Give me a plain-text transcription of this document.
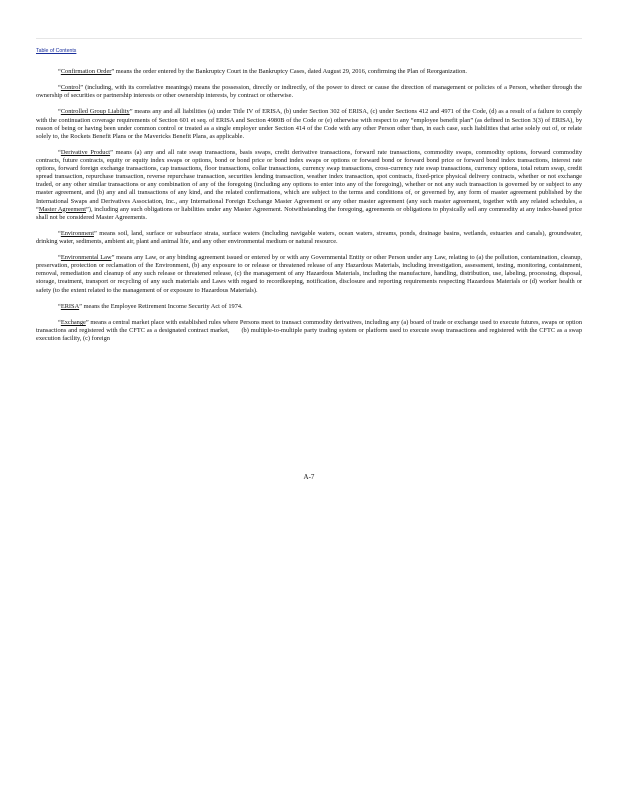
Table of Contents

“Confirmation Order” means the order entered by the Bankruptcy Court in the Bankruptcy Cases, dated August 29, 2016, confirming the Plan of Reorganization.

“Control” (including, with its correlative meanings) means the possession, directly or indirectly, of the power to direct or cause the direction of management or policies of a Person, whether through the ownership of securities or partnership interests or other ownership interests, by contract or otherwise.

“Controlled Group Liability” means any and all liabilities (a) under Title IV of ERISA, (b) under Section 302 of ERISA, (c) under Sections 412 and 4971 of the Code, (d) as a result of a failure to comply with the continuation coverage requirements of Section 601 et seq. of ERISA and Section 4980B of the Code or (e) otherwise with respect to any “employee benefit plan” (as defined in Section 3(3) of ERISA), by reason of being or having been under common control or treated as a single employer under Section 414 of the Code with any other Person other than, in each case, such liabilities that arise solely out of, or relate solely to, the Rockets Benefit Plans or the Mavericks Benefit Plans, as applicable.

“Derivative Product” means (a) any and all rate swap transactions, basis swaps, credit derivative transactions, forward rate transactions, commodity swaps, commodity options, forward commodity contracts, future contracts, equity or equity index swaps or options, bond or bond price or bond index swaps or options or forward bond or forward bond price or forward bond index transactions, interest rate options, forward foreign exchange transactions, cap transactions, floor transactions, collar transactions, currency swap transactions, cross-currency rate swap transactions, currency options, total return swap, credit spread transaction, repurchase transaction, reverse repurchase transaction, securities lending transaction, weather index transaction, spot contracts, fixed-price physical delivery contracts, whether or not exchange traded, or any other similar transactions or any combination of any of the foregoing (including any options to enter into any of the foregoing), whether or not any such transaction is governed by or subject to any master agreement, and (b) any and all transactions of any kind, and the related confirmations, which are subject to the terms and conditions of, or governed by, any form of master agreement published by the International Swaps and Derivatives Association, Inc., any International Foreign Exchange Master Agreement or any other master agreement (any such master agreement, together with any related schedules, a “Master Agreement”), including any such obligations or liabilities under any Master Agreement. Notwithstanding the foregoing, agreements or obligations to physically sell any commodity at any index-based price shall not be considered Master Agreements.

“Environment” means soil, land, surface or subsurface strata, surface waters (including navigable waters, ocean waters, streams, ponds, drainage basins, wetlands, estuaries and canals), groundwater, drinking water, sediments, ambient air, plant and animal life, and any other environmental medium or natural resource.

“Environmental Law” means any Law, or any binding agreement issued or entered by or with any Governmental Entity or other Person under any Law, relating to (a) the pollution, contamination, cleanup, preservation, protection or reclamation of the Environment, (b) any exposure to or release or threatened release of any Hazardous Materials, including investigation, assessment, testing, monitoring, containment, removal, remediation and cleanup of any such release or threatened release, (c) the management of any Hazardous Materials, including the manufacture, handling, distribution, use, labeling, processing, disposal, storage, treatment, transport or recycling of any such materials and Laws with regard to recordkeeping, notification, disclosure and reporting requirements respecting Hazardous Materials or (d) worker health or safety (to the extent related to the management of or exposure to Hazardous Materials).

“ERISA” means the Employee Retirement Income Security Act of 1974.

“Exchange” means a central market place with established rules where Persons meet to transact commodity derivatives, including any (a) board of trade or exchange used to execute futures, swaps or option transactions and registered with the CFTC as a designated contract market, (b) multiple-to-multiple party trading system or platform used to execute swap transactions and registered with the CFTC as a swap execution facility, (c) foreign

A-7
